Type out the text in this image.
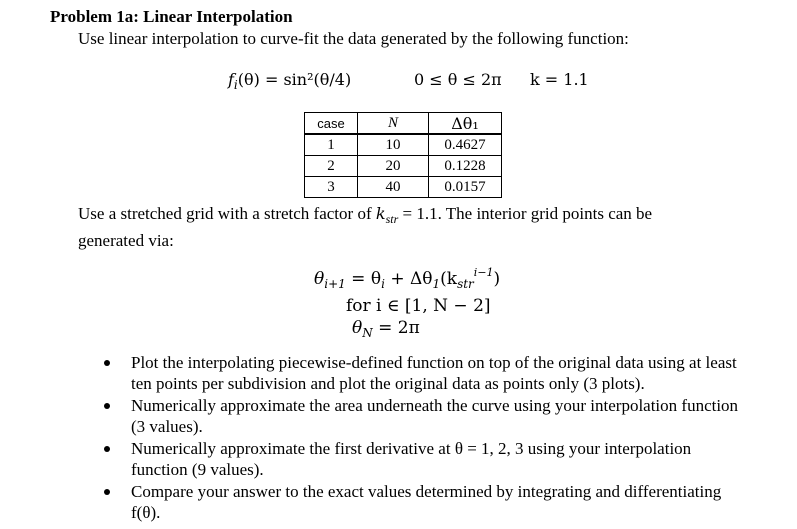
Problem 1a: Linear Interpolation
Use linear interpolation to curve-fit the data generated by the following function:
$f_i(\theta) = \sin^2(\theta/4)$	0 ≤ θ ≤ 2π k = 1.1
case	N	Δθ₁
1	10	0.4627
2	20	0.1228
3	40	0.0157
Use a stretched grid with a stretch factor of $k_{str} = 1.1$. The interior grid points can be generated via:
$\theta_{i+1} = \theta_i + \Delta\theta_1(k_{str}^{i-1})$
for i ∈ [1, N − 2]
$\theta_N = 2\pi$
Plot the interpolating piecewise-defined function on top of the original data using at least ten points per subdivision and plot the original data as points only (3 plots).
Numerically approximate the area underneath the curve using your interpolation function (3 values).
Numerically approximate the first derivative at θ = 1, 2, 3 using your interpolation function (9 values).
Compare your answer to the exact values determined by integrating and differentiating f(θ).
